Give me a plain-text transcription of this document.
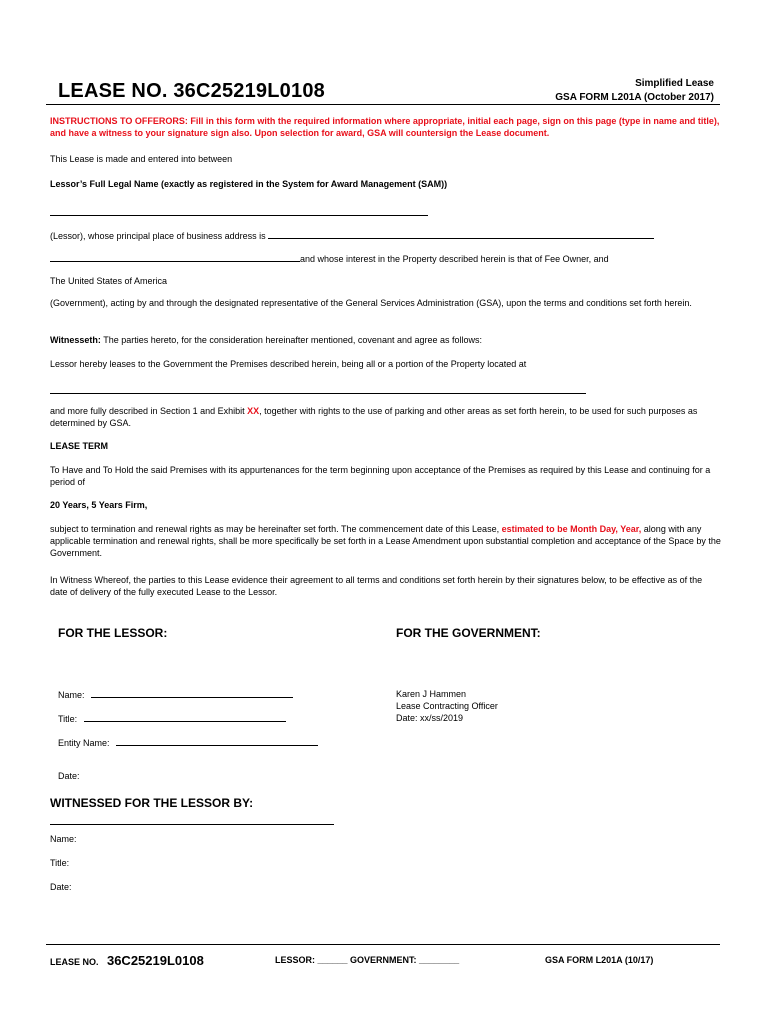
LEASE NO. 36C25219L0108	Simplified Lease
GSA FORM L201A (October 2017)
INSTRUCTIONS TO OFFERORS: Fill in this form with the required information where appropriate, initial each page, sign on this page (type in name and title), and have a witness to your signature sign also. Upon selection for award, GSA will countersign the Lease document.
This Lease is made and entered into between
Lessor’s Full Legal Name (exactly as registered in the System for Award Management (SAM))
(Lessor), whose principal place of business address is
and whose interest in the Property described herein is that of Fee Owner, and
The United States of America
(Government), acting by and through the designated representative of the General Services Administration (GSA), upon the terms and conditions set forth herein.
Witnesseth: The parties hereto, for the consideration hereinafter mentioned, covenant and agree as follows:
Lessor hereby leases to the Government the Premises described herein, being all or a portion of the Property located at
and more fully described in Section 1 and Exhibit XX, together with rights to the use of parking and other areas as set forth herein, to be used for such purposes as determined by GSA.
LEASE TERM
To Have and To Hold the said Premises with its appurtenances for the term beginning upon acceptance of the Premises as required by this Lease and continuing for a period of
20 Years, 5 Years Firm,
subject to termination and renewal rights as may be hereinafter set forth. The commencement date of this Lease, estimated to be Month Day, Year, along with any applicable termination and renewal rights, shall be more specifically be set forth in a Lease Amendment upon substantial completion and acceptance of the Space by the Government.
In Witness Whereof, the parties to this Lease evidence their agreement to all terms and conditions set forth herein by their signatures below, to be effective as of the date of delivery of the fully executed Lease to the Lessor.
FOR THE LESSOR:	FOR THE GOVERNMENT:
Name:
Title:
Entity Name:
Date:
Karen J Hammen
Lease Contracting Officer
Date: xx/ss/2019
WITNESSED FOR THE LESSOR BY:
Name:
Title:
Date:
LEASE NO. 36C25219L0108	LESSOR: ______ GOVERNMENT: ________	GSA FORM L201A (10/17)
